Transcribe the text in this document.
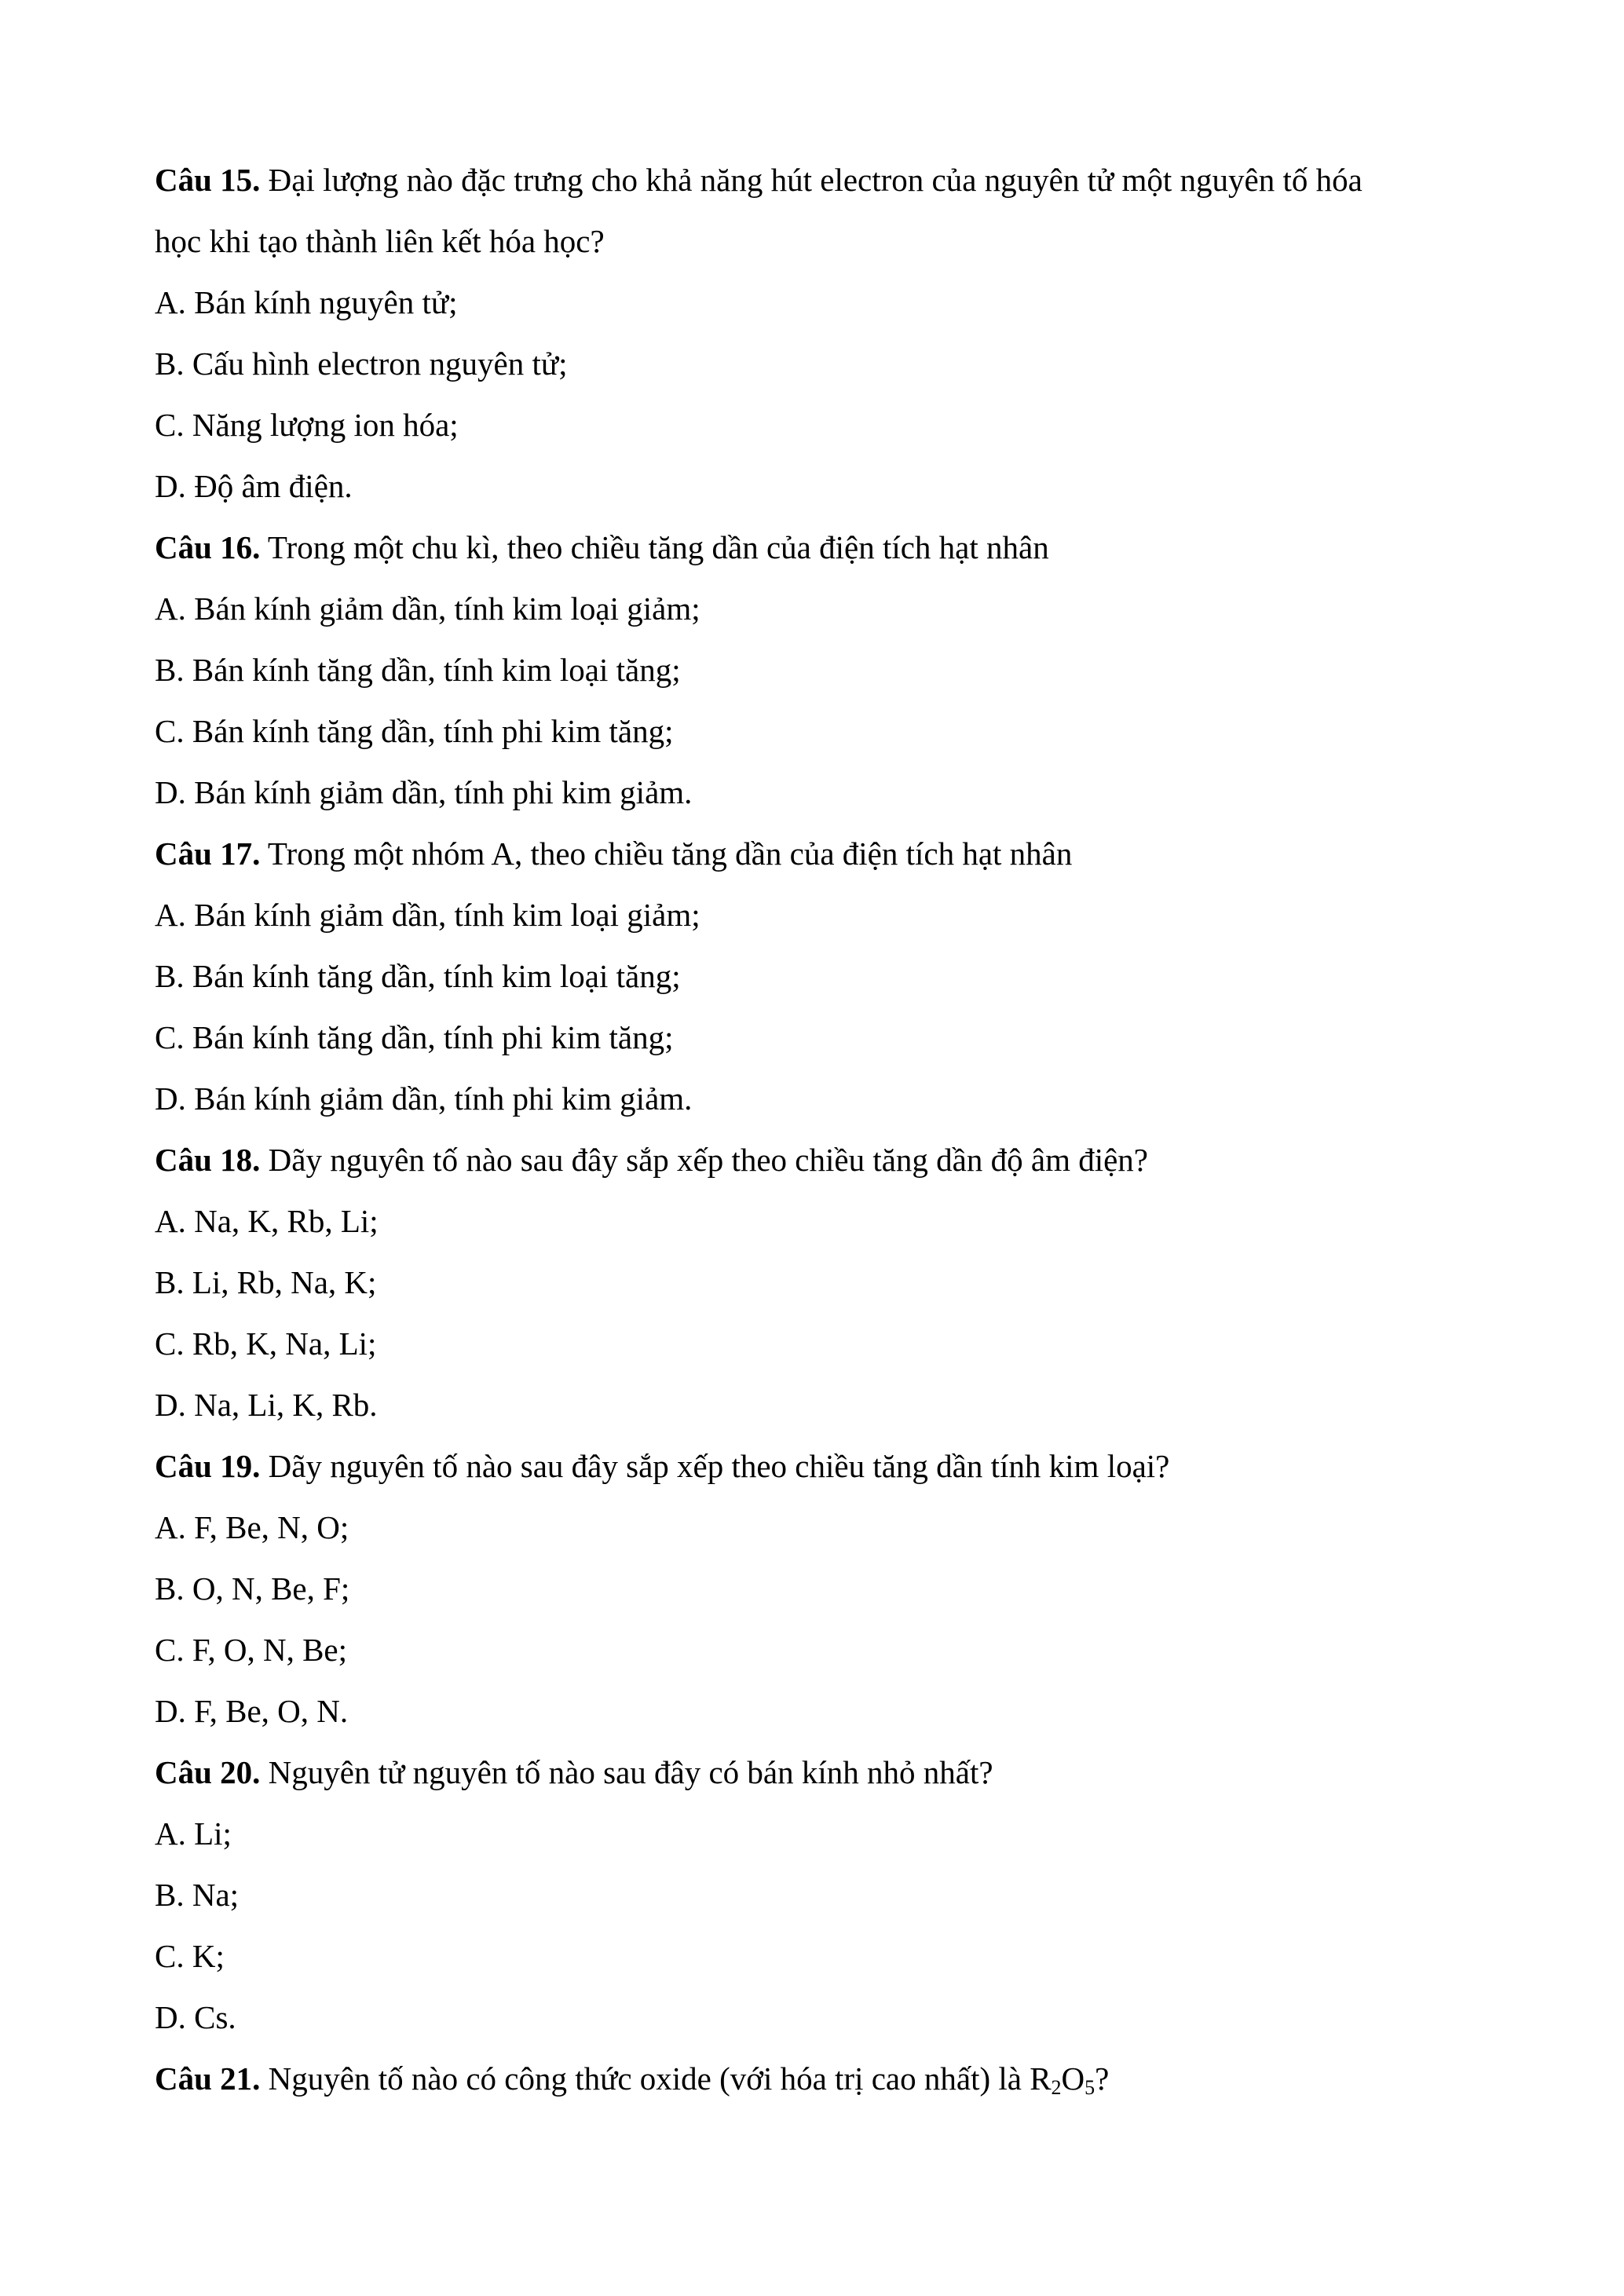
Câu 15. Đại lượng nào đặc trưng cho khả năng hút electron của nguyên tử một nguyên tố hóa
học khi tạo thành liên kết hóa học?
A. Bán kính nguyên tử;
B. Cấu hình electron nguyên tử;
C. Năng lượng ion hóa;
D. Độ âm điện.
Câu 16. Trong một chu kì, theo chiều tăng dần của điện tích hạt nhân
A. Bán kính giảm dần, tính kim loại giảm;
B. Bán kính tăng dần, tính kim loại tăng;
C. Bán kính tăng dần, tính phi kim tăng;
D. Bán kính giảm dần, tính phi kim giảm.
Câu 17. Trong một nhóm A, theo chiều tăng dần của điện tích hạt nhân
A. Bán kính giảm dần, tính kim loại giảm;
B. Bán kính tăng dần, tính kim loại tăng;
C. Bán kính tăng dần, tính phi kim tăng;
D. Bán kính giảm dần, tính phi kim giảm.
Câu 18. Dãy nguyên tố nào sau đây sắp xếp theo chiều tăng dần độ âm điện?
A. Na, K, Rb, Li;
B. Li, Rb, Na, K;
C. Rb, K, Na, Li;
D. Na, Li, K, Rb.
Câu 19. Dãy nguyên tố nào sau đây sắp xếp theo chiều tăng dần tính kim loại?
A. F, Be, N, O;
B. O, N, Be, F;
C. F, O, N, Be;
D. F, Be, O, N.
Câu 20. Nguyên tử nguyên tố nào sau đây có bán kính nhỏ nhất?
A. Li;
B. Na;
C. K;
D. Cs.
Câu 21. Nguyên tố nào có công thức oxide (với hóa trị cao nhất) là $R_2O_5$?
